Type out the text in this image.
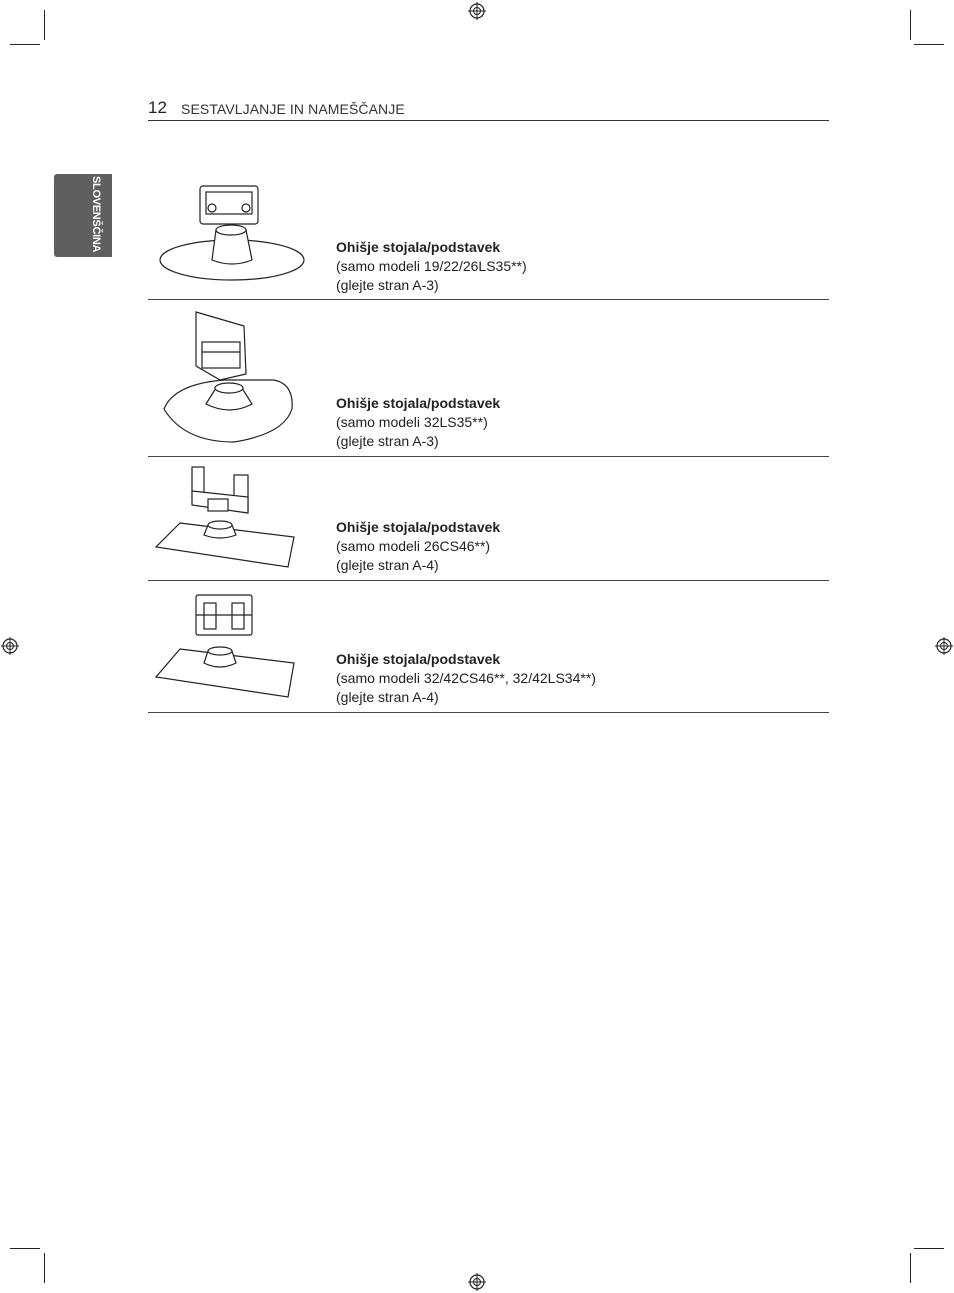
12 SESTAVLJANJE IN NAMEŠČANJE
SLOVENŠČINA	Ohišje stojala/podstavek
(samo modeli 19/22/26LS35**)
(glejte stran A-3)
Ohišje stojala/podstavek
(samo modeli 32LS35**)
(glejte stran A-3)
Ohišje stojala/podstavek
(samo modeli 26CS46**)
(glejte stran A-4)
Ohišje stojala/podstavek
(samo modeli 32/42CS46**, 32/42LS34**)
(glejte stran A-4)
